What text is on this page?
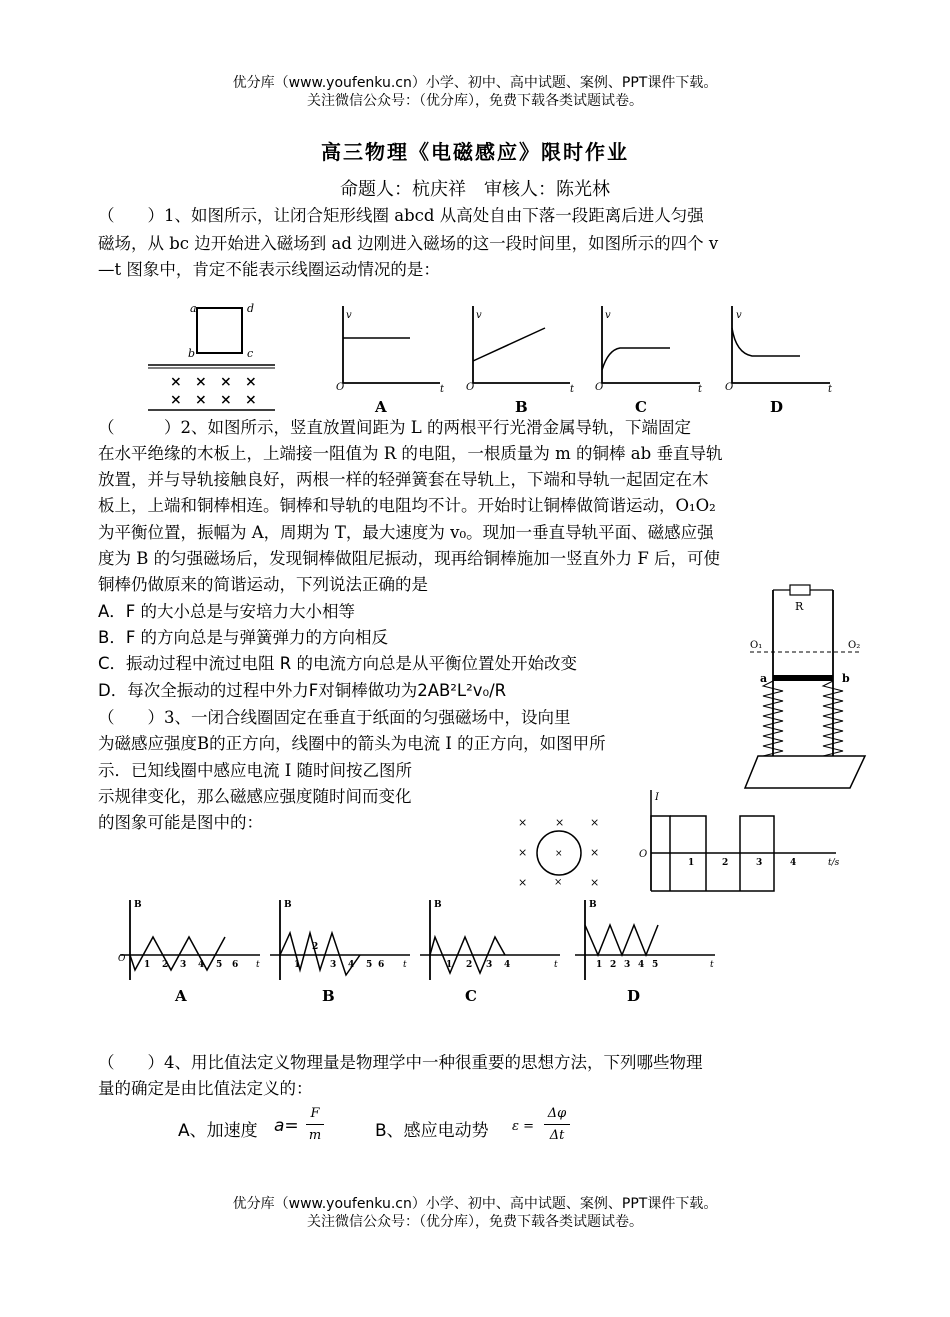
优分库（www.youfenku.cn）小学、初中、高中试题、案例、PPT课件下载。
关注微信公众号：（优分库），免费下载各类试题试卷。
高三物理《电磁感应》限时作业
命题人：杭庆祥　审核人：陈光林
（　　）1、如图所示，让闭合矩形线圈 abcd 从高处自由下落一段距离后进人匀强
磁场，从 bc 边开始进入磁场到 ad 边刚进入磁场的这一段时间里，如图所示的四个 v
—t 图象中，肯定不能表示线圈运动情况的是：
a	d
b	c
× × × ×
× × × ×
v
O	t
A
v
O	t
B
v
O	t
C
v
O	t
D
（　　　）2、如图所示，竖直放置间距为 L 的两根平行光滑金属导轨，下端固定
在水平绝缘的木板上，上端接一阻值为 R 的电阻，一根质量为 m 的铜棒 ab 垂直导轨
放置，并与导轨接触良好，两根一样的轻弹簧套在导轨上，下端和导轨一起固定在木
板上，上端和铜棒相连。铜棒和导轨的电阻均不计。开始时让铜棒做简谐运动，O₁O₂
为平衡位置，振幅为 A，周期为 T，最大速度为 v₀。现加一垂直导轨平面、磁感应强
度为 B 的匀强磁场后，发现铜棒做阻尼振动，现再给铜棒施加一竖直外力 F 后，可使
铜棒仍做原来的简谐运动，下列说法正确的是
A．F 的大小总是与安培力大小相等
B．F 的方向总是与弹簧弹力的方向相反
C．振动过程中流过电阻 R 的电流方向总是从平衡位置处开始改变
D．每次全振动的过程中外力F对铜棒做功为2AB²L²v₀/R
R
O₁	O₂
a	b
（　　）3、一闭合线圈固定在垂直于纸面的匀强磁场中，设向里
为磁感应强度B的正方向，线圈中的箭头为电流 I 的正方向，如图甲所
示．已知线圈中感应电流 I 随时间按乙图所
示规律变化，那么磁感应强度随时间而变化
的图象可能是图中的：	×	× ×
×	×
×	×
×
×
I
O
t/s
1	2	3	4
B
O
t
1 2 3 4 5 6
A
B
t
1
2
3 4 5 6
B
B
t
1 2 3 4
C
B
t
1 2 3 4 5
D
（　　）4、用比值法定义物理量是物理学中一种很重要的思想方法，下列哪些物理
量的确定是由比值法定义的：
A、加速度 a=
F
m	B、感应电动势 ε =
Δφ
Δt
优分库（www.youfenku.cn）小学、初中、高中试题、案例、PPT课件下载。
关注微信公众号：（优分库），免费下载各类试题试卷。
